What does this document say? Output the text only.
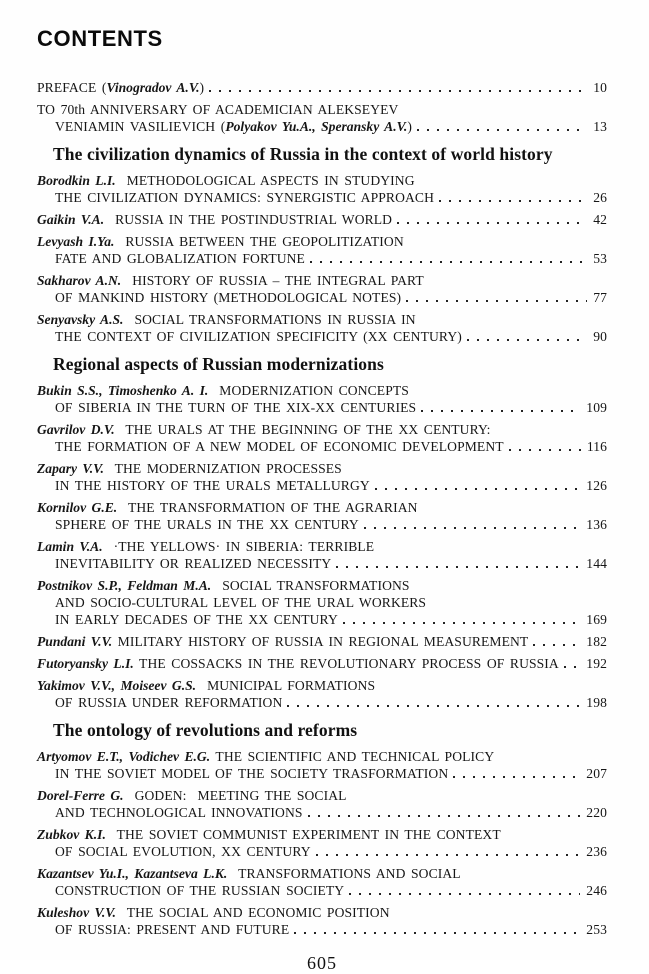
CONTENTS
PREFACE ( Vinogradov A.V. )	10
TO 70th ANNIVERSARY OF ACADEMICIAN ALEKSEYEV
VENIAMIN VASILIEVICH ( Polyakov Yu.A., Speransky A.V. )	13
The civilization dynamics of Russia in the context of world history
Borodkin L.I. METHODOLOGICAL ASPECTS IN STUDYING
THE CIVILIZATION DYNAMICS: SYNERGISTIC APPROACH	26
Gaikin V.A. RUSSIA IN THE POSTINDUSTRIAL WORLD	42
Levyash I.Ya. RUSSIA BETWEEN THE GEOPOLITIZATION
FATE AND GLOBALIZATION FORTUNE	53
Sakharov A.N. HISTORY OF RUSSIA – THE INTEGRAL PART
OF MANKIND HISTORY (METHODOLOGICAL NOTES)	77
Senyavsky A.S. SOCIAL TRANSFORMATIONS IN RUSSIA IN
THE CONTEXT OF CIVILIZATION SPECIFICITY (XX CENTURY)	90
Regional aspects of Russian modernizations
Bukin S.S., Timoshenko A. I. MODERNIZATION CONCEPTS
OF SIBERIA IN THE TURN OF THE XIX-XX CENTURIES	109
Gavrilov D.V. THE URALS AT THE BEGINNING OF THE XX CENTURY:
THE FORMATION OF A NEW MODEL OF ECONOMIC DEVELOPMENT	116
Zapary V.V. THE MODERNIZATION PROCESSES
IN THE HISTORY OF THE URALS METALLURGY	126
Kornilov G.E. THE TRANSFORMATION OF THE AGRARIAN
SPHERE OF THE URALS IN THE XX CENTURY	136
Lamin V.A. ·THE YELLOWS· IN SIBERIA: TERRIBLE
INEVITABILITY OR REALIZED NECESSITY	144
Postnikov S.P., Feldman M.A. SOCIAL TRANSFORMATIONS
AND SOCIO-CULTURAL LEVEL OF THE URAL WORKERS
IN EARLY DECADES OF THE XX CENTURY	169
Pundani V.V. MILITARY HISTORY OF RUSSIA IN REGIONAL MEASUREMENT	182
Futoryansky L.I. THE COSSACKS IN THE REVOLUTIONARY PROCESS OF RUSSIA 192
Yakimov V.V., Moiseev G.S. MUNICIPAL FORMATIONS
OF RUSSIA UNDER REFORMATION	198
The ontology of revolutions and reforms
Artyomov E.T., Vodichev E.G. THE SCIENTIFIC AND TECHNICAL POLICY
IN THE SOVIET MODEL OF THE SOCIETY TRASFORMATION	207
Dorel-Ferre G. GODEN:  MEETING THE SOCIAL
AND TECHNOLOGICAL INNOVATIONS	220
Zubkov K.I. THE SOVIET COMMUNIST EXPERIMENT IN THE CONTEXT
OF SOCIAL EVOLUTION, XX CENTURY	236
Kazantsev Yu.I., Kazantseva L.K. TRANSFORMATIONS AND SOCIAL
CONSTRUCTION OF THE RUSSIAN SOCIETY	246
Kuleshov V.V. THE SOCIAL AND ECONOMIC POSITION
OF RUSSIA: PRESENT AND FUTURE	253
605
